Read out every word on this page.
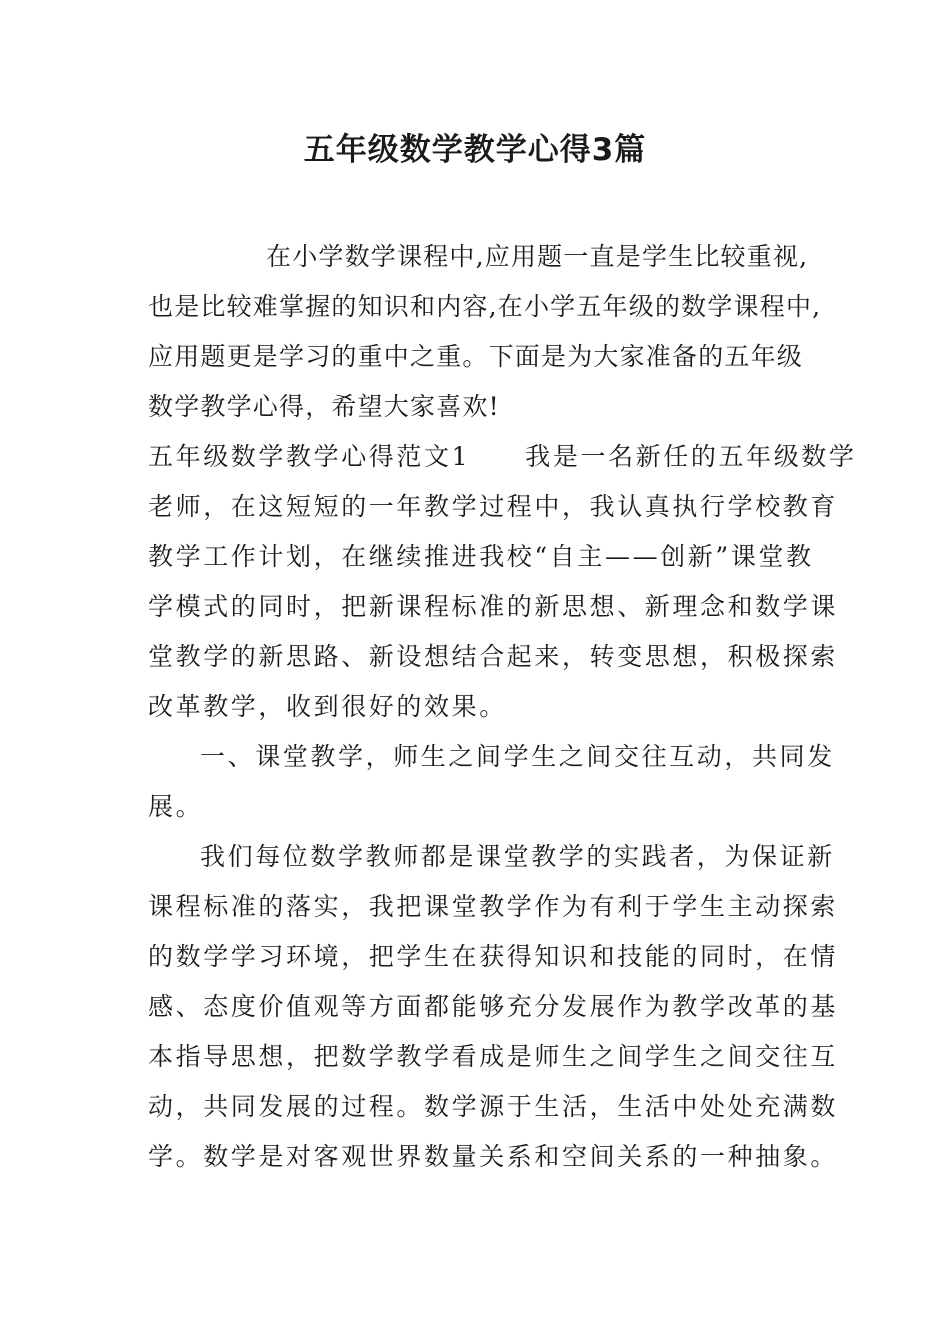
五年级数学教学心得3篇
在小学数学课程中,应用题一直是学生比较重视,
也是比较难掌握的知识和内容,在小学五年级的数学课程中,
应用题更是学习的重中之重。下面是为大家准备的五年级
数学教学心得，希望大家喜欢!
五年级数学教学心得范文1　　我是一名新任的五年级数学
老师，在这短短的一年教学过程中，我认真执行学校教育
教学工作计划，在继续推进我校“自主——创新”课堂教
学模式的同时，把新课程标准的新思想、新理念和数学课
堂教学的新思路、新设想结合起来，转变思想，积极探索
改革教学，收到很好的效果。
一、课堂教学，师生之间学生之间交往互动，共同发
展。
我们每位数学教师都是课堂教学的实践者，为保证新
课程标准的落实，我把课堂教学作为有利于学生主动探索
的数学学习环境，把学生在获得知识和技能的同时，在情
感、态度价值观等方面都能够充分发展作为教学改革的基
本指导思想，把数学教学看成是师生之间学生之间交往互
动，共同发展的过程。数学源于生活，生活中处处充满数
学。数学是对客观世界数量关系和空间关系的一种抽象。
